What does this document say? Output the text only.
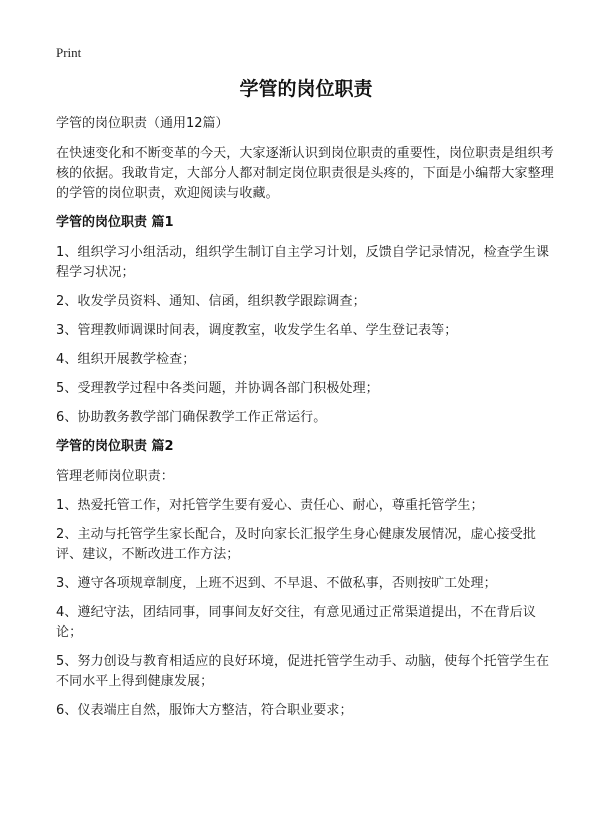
Print
学管的岗位职责
学管的岗位职责（通用12篇）
在快速变化和不断变革的今天，大家逐渐认识到岗位职责的重要性，岗位职责是组织考核的依据。我敢肯定，大部分人都对制定岗位职责很是头疼的，下面是小编帮大家整理的学管的岗位职责，欢迎阅读与收藏。
学管的岗位职责 篇1
1、组织学习小组活动，组织学生制订自主学习计划，反馈自学记录情况，检查学生课程学习状况；
2、收发学员资料、通知、信函，组织教学跟踪调查；
3、管理教师调课时间表，调度教室，收发学生名单、学生登记表等；
4、组织开展教学检查；
5、受理教学过程中各类问题，并协调各部门积极处理；
6、协助教务教学部门确保教学工作正常运行。
学管的岗位职责 篇2
管理老师岗位职责：
1、热爱托管工作，对托管学生要有爱心、责任心、耐心，尊重托管学生；
2、主动与托管学生家长配合，及时向家长汇报学生身心健康发展情况，虚心接受批评、建议，不断改进工作方法；
3、遵守各项规章制度，上班不迟到、不早退、不做私事，否则按旷工处理；
4、遵纪守法，团结同事，同事间友好交往，有意见通过正常渠道提出，不在背后议论；
5、努力创设与教育相适应的良好环境，促进托管学生动手、动脑，使每个托管学生在不同水平上得到健康发展；
6、仪表端庄自然，服饰大方整洁，符合职业要求；
